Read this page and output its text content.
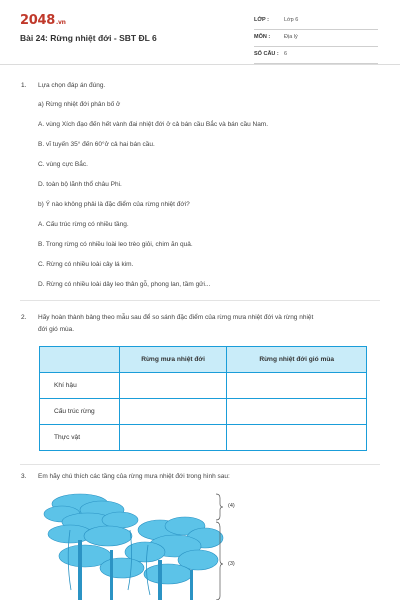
2048.vn
Bài 24: Rừng nhiệt đới - SBT ĐL 6
LỚP :	Lớp 6
MÔN :	Địa lý
SỐ CÂU : 6
1. Lựa chọn đáp án đúng.
a) Rừng nhiệt đới phân bố ở
A. vùng Xích đạo đến hết vành đai nhiệt đới ở cả bán cầu Bắc và bán cầu Nam.
B. vĩ tuyến 35° đến 60°ở cả hai bán cầu.
C. vùng cực Bắc.
D. toàn bộ lãnh thổ châu Phi.
b) Ý nào không phải là đặc điểm của rừng nhiệt đới?
A. Cấu trúc rừng có nhiều tầng.
B. Trong rừng có nhiều loài leo trèo giỏi, chim ăn quả.
C. Rừng có nhiều loài cây lá kim.
D. Rừng có nhiều loài dây leo thân gỗ, phong lan, tầm gửi...
2. Hãy hoàn thành bảng theo mẫu sau để so sánh đặc điểm của rừng mưa nhiệt đới và rừng nhiệt
đới gió mùa.
	Rừng mưa nhiệt đới	Rừng nhiệt đới gió mùa
Khí hậu		
Cấu trúc rừng		
Thực vật		
3. Em hãy chú thích các tầng của rừng mưa nhiệt đới trong hình sau:
(4)
(3)
